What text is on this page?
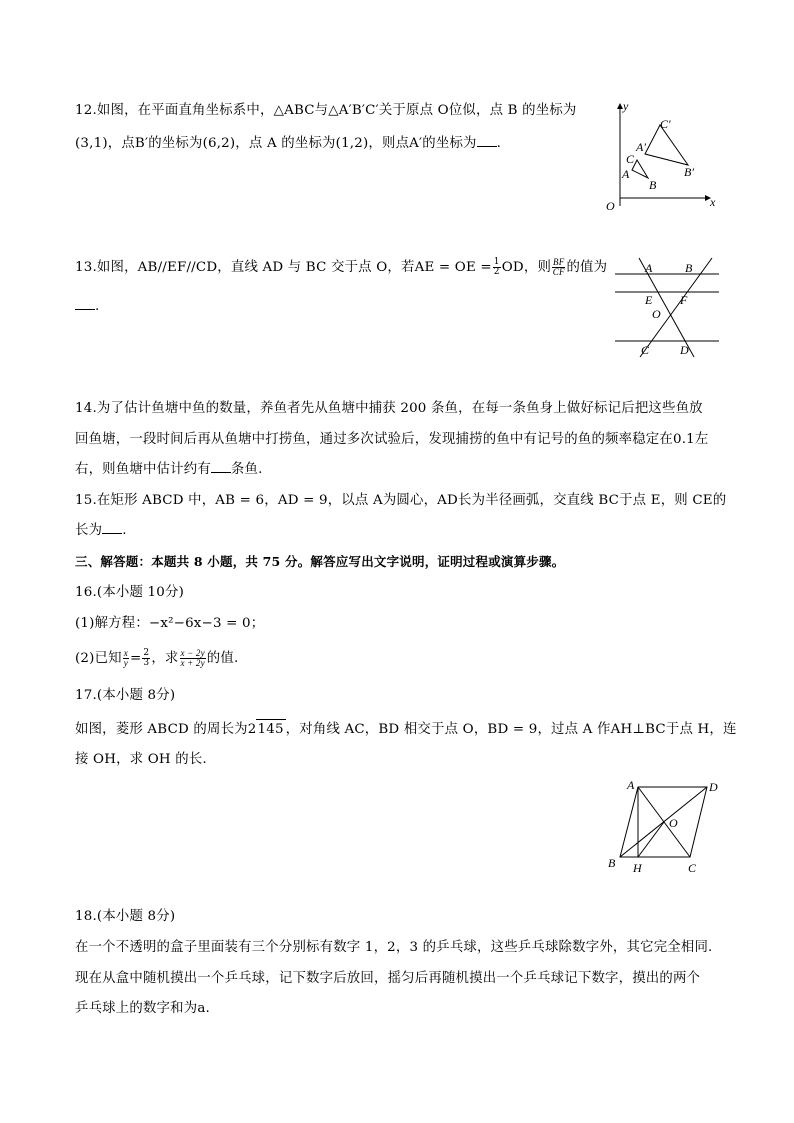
12.如图，在平面直角坐标系中，△ABC与△A′B′C′关于原点 O位似，点 B 的坐标为
(3,1)，点B′的坐标为(6,2)，点 A 的坐标为(1,2)，则点A′的坐标为 .
y
x
O
C
A
B
A′
C′
B′
13.如图，AB//EF//CD，直线 AD 与 BC 交于点 O，若AE = OE = $\frac{1}{2}$ OD，则 $\frac{BF}{CF}$ 的值为
.
A	B
E F
O
C	D
14.为了估计鱼塘中鱼的数量，养鱼者先从鱼塘中捕获 200 条鱼，在每一条鱼身上做好标记后把这些鱼放
回鱼塘，一段时间后再从鱼塘中打捞鱼，通过多次试验后，发现捕捞的鱼中有记号的鱼的频率稳定在0.1左
右，则鱼塘中估计约有 条鱼.
15.在矩形 ABCD 中，AB = 6，AD = 9，以点 A为圆心，AD长为半径画弧，交直线 BC于点 E，则 CE的
长为 .
三、解答题：本题共 8 小题，共 75 分。解答应写出文字说明，证明过程或演算步骤。
16.(本小题 10分)
(1)解方程：−x²−6x−3 = 0；
(2)已知 $\frac{x}{y} = \frac{2}{3}$ ，求 $\frac{x - 2y}{x + 2y}$ 的值.
17.(本小题 8分)
如图，菱形 ABCD 的周长为2145 ，对角线 AC，BD 相交于点 O，BD = 9，过点 A 作AH⊥BC于点 H，连
接 OH，求 OH 的长.
A	D
O
B H	C
18.(本小题 8分)
在一个不透明的盒子里面装有三个分别标有数字 1，2，3 的乒乓球，这些乒乓球除数字外，其它完全相同.
现在从盒中随机摸出一个乒乓球，记下数字后放回，摇匀后再随机摸出一个乒乓球记下数字，摸出的两个
乒乓球上的数字和为a.
